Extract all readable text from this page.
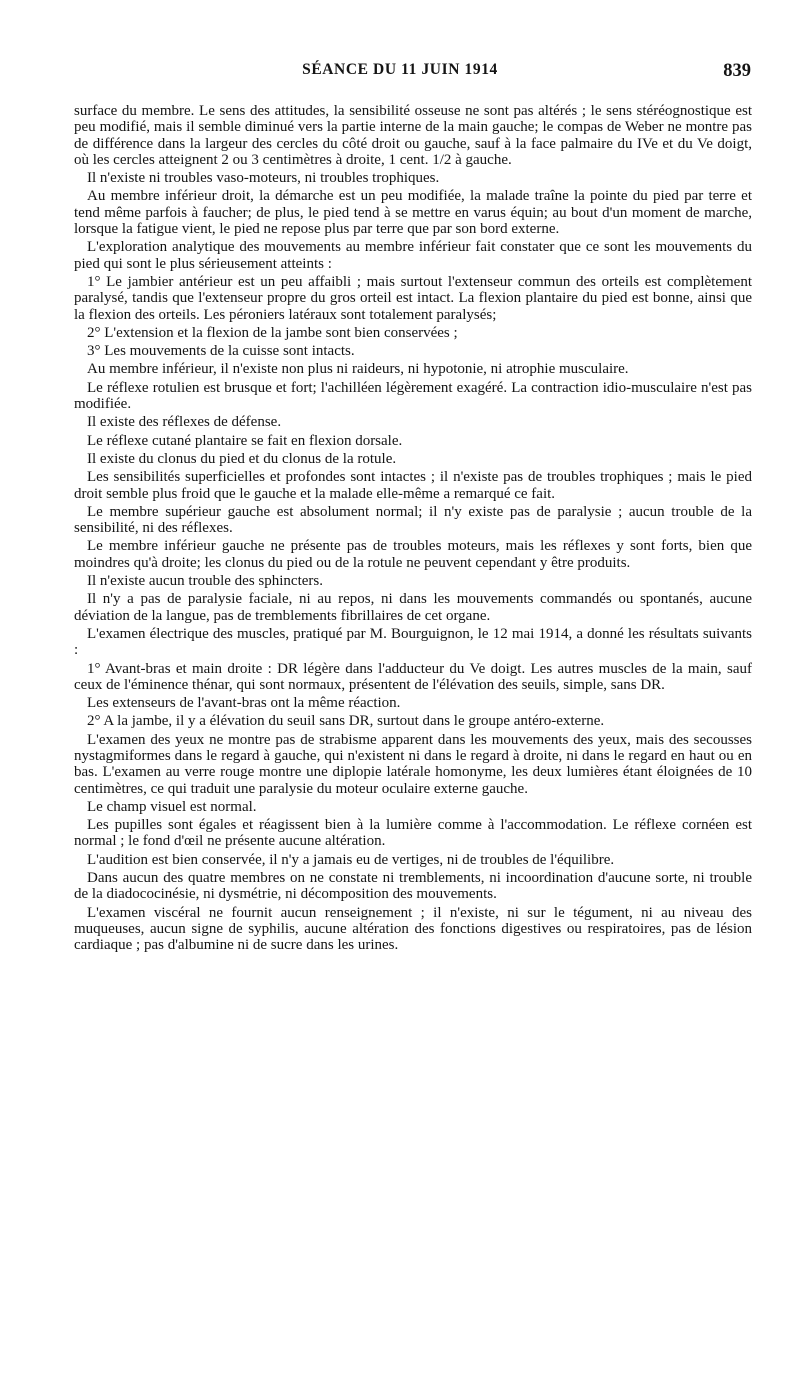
SÉANCE DU 11 JUIN 1914	839

surface du membre. Le sens des attitudes, la sensibilité osseuse ne sont pas altérés ; le sens stéréognostique est peu modifié, mais il semble diminué vers la partie interne de la main gauche; le compas de Weber ne montre pas de différence dans la largeur des cercles du côté droit ou gauche, sauf à la face palmaire du IVe et du Ve doigt, où les cercles atteignent 2 ou 3 centimètres à droite, 1 cent. 1/2 à gauche.

Il n'existe ni troubles vaso-moteurs, ni troubles trophiques.

Au membre inférieur droit, la démarche est un peu modifiée, la malade traîne la pointe du pied par terre et tend même parfois à faucher; de plus, le pied tend à se mettre en varus équin; au bout d'un moment de marche, lorsque la fatigue vient, le pied ne repose plus par terre que par son bord externe.

L'exploration analytique des mouvements au membre inférieur fait constater que ce sont les mouvements du pied qui sont le plus sérieusement atteints :

1° Le jambier antérieur est un peu affaibli ; mais surtout l'extenseur commun des orteils est complètement paralysé, tandis que l'extenseur propre du gros orteil est intact. La flexion plantaire du pied est bonne, ainsi que la flexion des orteils. Les péroniers latéraux sont totalement paralysés;

2° L'extension et la flexion de la jambe sont bien conservées ;

3° Les mouvements de la cuisse sont intacts.

Au membre inférieur, il n'existe non plus ni raideurs, ni hypotonie, ni atrophie musculaire.

Le réflexe rotulien est brusque et fort; l'achilléen légèrement exagéré. La contraction idio-musculaire n'est pas modifiée.

Il existe des réflexes de défense.

Le réflexe cutané plantaire se fait en flexion dorsale.

Il existe du clonus du pied et du clonus de la rotule.

Les sensibilités superficielles et profondes sont intactes ; il n'existe pas de troubles trophiques ; mais le pied droit semble plus froid que le gauche et la malade elle-même a remarqué ce fait.

Le membre supérieur gauche est absolument normal; il n'y existe pas de paralysie ; aucun trouble de la sensibilité, ni des réflexes.

Le membre inférieur gauche ne présente pas de troubles moteurs, mais les réflexes y sont forts, bien que moindres qu'à droite; les clonus du pied ou de la rotule ne peuvent cependant y être produits.

Il n'existe aucun trouble des sphincters.

Il n'y a pas de paralysie faciale, ni au repos, ni dans les mouvements commandés ou spontanés, aucune déviation de la langue, pas de tremblements fibrillaires de cet organe.

L'examen électrique des muscles, pratiqué par M. Bourguignon, le 12 mai 1914, a donné les résultats suivants :

1° Avant-bras et main droite : DR légère dans l'adducteur du Ve doigt. Les autres muscles de la main, sauf ceux de l'éminence thénar, qui sont normaux, présentent de l'élévation des seuils, simple, sans DR.

Les extenseurs de l'avant-bras ont la même réaction.

2° A la jambe, il y a élévation du seuil sans DR, surtout dans le groupe antéro-externe.

L'examen des yeux ne montre pas de strabisme apparent dans les mouvements des yeux, mais des secousses nystagmiformes dans le regard à gauche, qui n'existent ni dans le regard à droite, ni dans le regard en haut ou en bas. L'examen au verre rouge montre une diplopie latérale homonyme, les deux lumières étant éloignées de 10 centimètres, ce qui traduit une paralysie du moteur oculaire externe gauche.

Le champ visuel est normal.

Les pupilles sont égales et réagissent bien à la lumière comme à l'accommodation. Le réflexe cornéen est normal ; le fond d'œil ne présente aucune altération.

L'audition est bien conservée, il n'y a jamais eu de vertiges, ni de troubles de l'équilibre.

Dans aucun des quatre membres on ne constate ni tremblements, ni incoordination d'aucune sorte, ni trouble de la diadococinésie, ni dysmétrie, ni décomposition des mouvements.

L'examen viscéral ne fournit aucun renseignement ; il n'existe, ni sur le tégument, ni au niveau des muqueuses, aucun signe de syphilis, aucune altération des fonctions digestives ou respiratoires, pas de lésion cardiaque ; pas d'albumine ni de sucre dans les urines.
